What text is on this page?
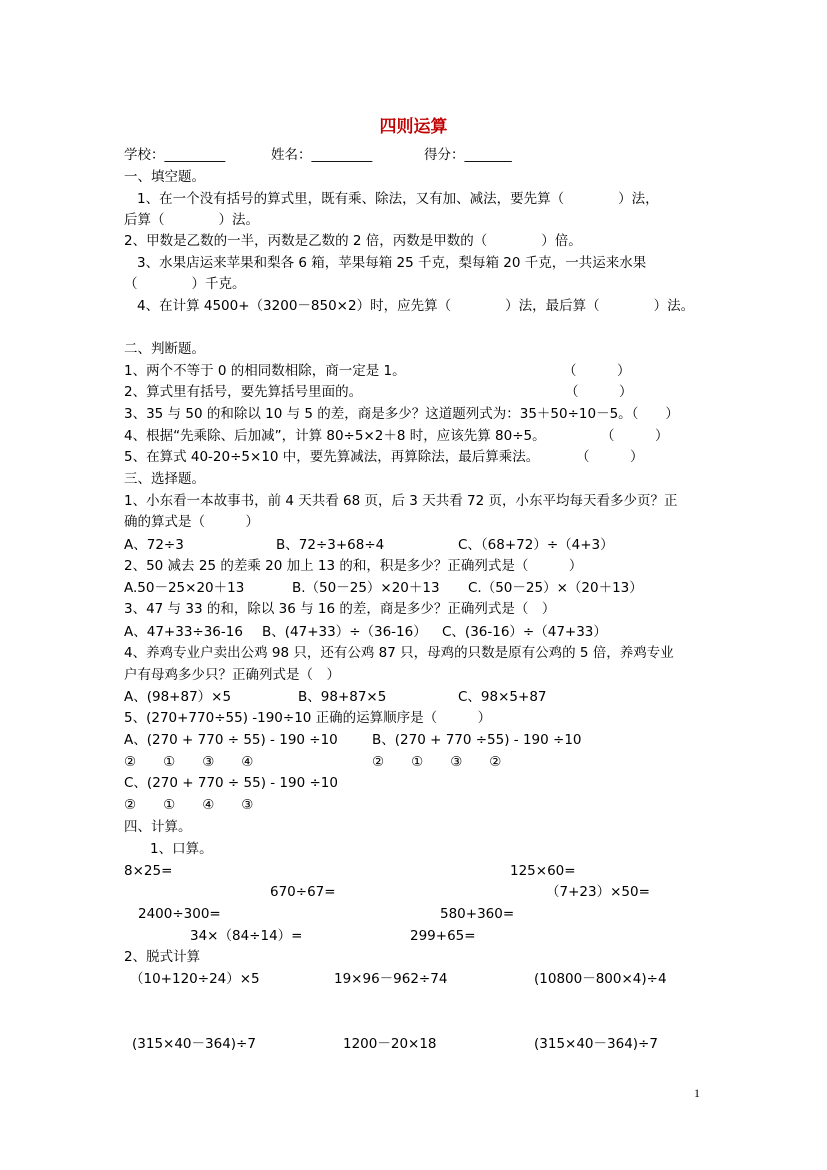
四则运算
学校：_________	姓名：_________	得分：_______
一、填空题。
1、在一个没有括号的算式里，既有乘、除法，又有加、减法，要先算（　　　　）法，
后算（　　　　）法。
2、甲数是乙数的一半，丙数是乙数的 2 倍，丙数是甲数的（　　　　）倍。
3、水果店运来苹果和梨各 6 箱，苹果每箱 25 千克，梨每箱 20 千克，一共运来水果
（　　　　）千克。
4、在计算 4500+（3200－850×2）时，应先算（　　　　）法，最后算（　　　　）法。
二、判断题。
1、两个不等于 0 的相同数相除，商一定是 1。	（　　　）
2、算式里有括号，要先算括号里面的。	（　　　）
3、35 与 50 的和除以 10 与 5 的差，商是多少？这道题列式为：35＋50÷10－5。（　　）
4、根据“先乘除、后加减”，计算 80÷5×2＋8 时，应该先算 80÷5。	（　　　）
5、在算式 40-20÷5×10 中，要先算减法，再算除法，最后算乘法。	（　　　）
三、选择题。
1、小东看一本故事书，前 4 天共看 68 页，后 3 天共看 72 页，小东平均每天看多少页？正
确的算式是（　　　）
A、72÷3	B、72÷3+68÷4	C、（68+72）÷（4+3）
2、50 减去 25 的差乘 20 加上 13 的和，积是多少？正确列式是（　　　）
A.50－25×20＋13	B.（50－25）×20＋13 C.（50－25）×（20＋13）
3、47 与 33 的和，除以 36 与 16 的差，商是多少？正确列式是（　）
A、47+33÷36-16 B、(47+33）÷（36-16） C、(36-16）÷（47+33）
4、养鸡专业户卖出公鸡 98 只，还有公鸡 87 只，母鸡的只数是原有公鸡的 5 倍，养鸡专业
户有母鸡多少只？正确列式是（　）
A、(98+87）×5	B、98+87×5	C、98×5+87
5、(270+770÷55) -190÷10 正确的运算顺序是（　　　）
A、(270 + 770 ÷ 55) - 190 ÷10	B、(270 + 770 ÷55) - 190 ÷10
②　　①　　③　　④	②　　①　　③　　②
C、(270 + 770 ÷ 55) - 190 ÷10
②　　①　　④　　③
四、计算。
1、口算。
8×25=	125×60=
670÷67=	（7+23）×50=
2400÷300=	580+360=
34×（84÷14）=	299+65=
2、脱式计算
（10+120÷24）×5	19×96－962÷74	(10800－800×4)÷4
(315×40－364)÷7	1200－20×18	(315×40－364)÷7
1
